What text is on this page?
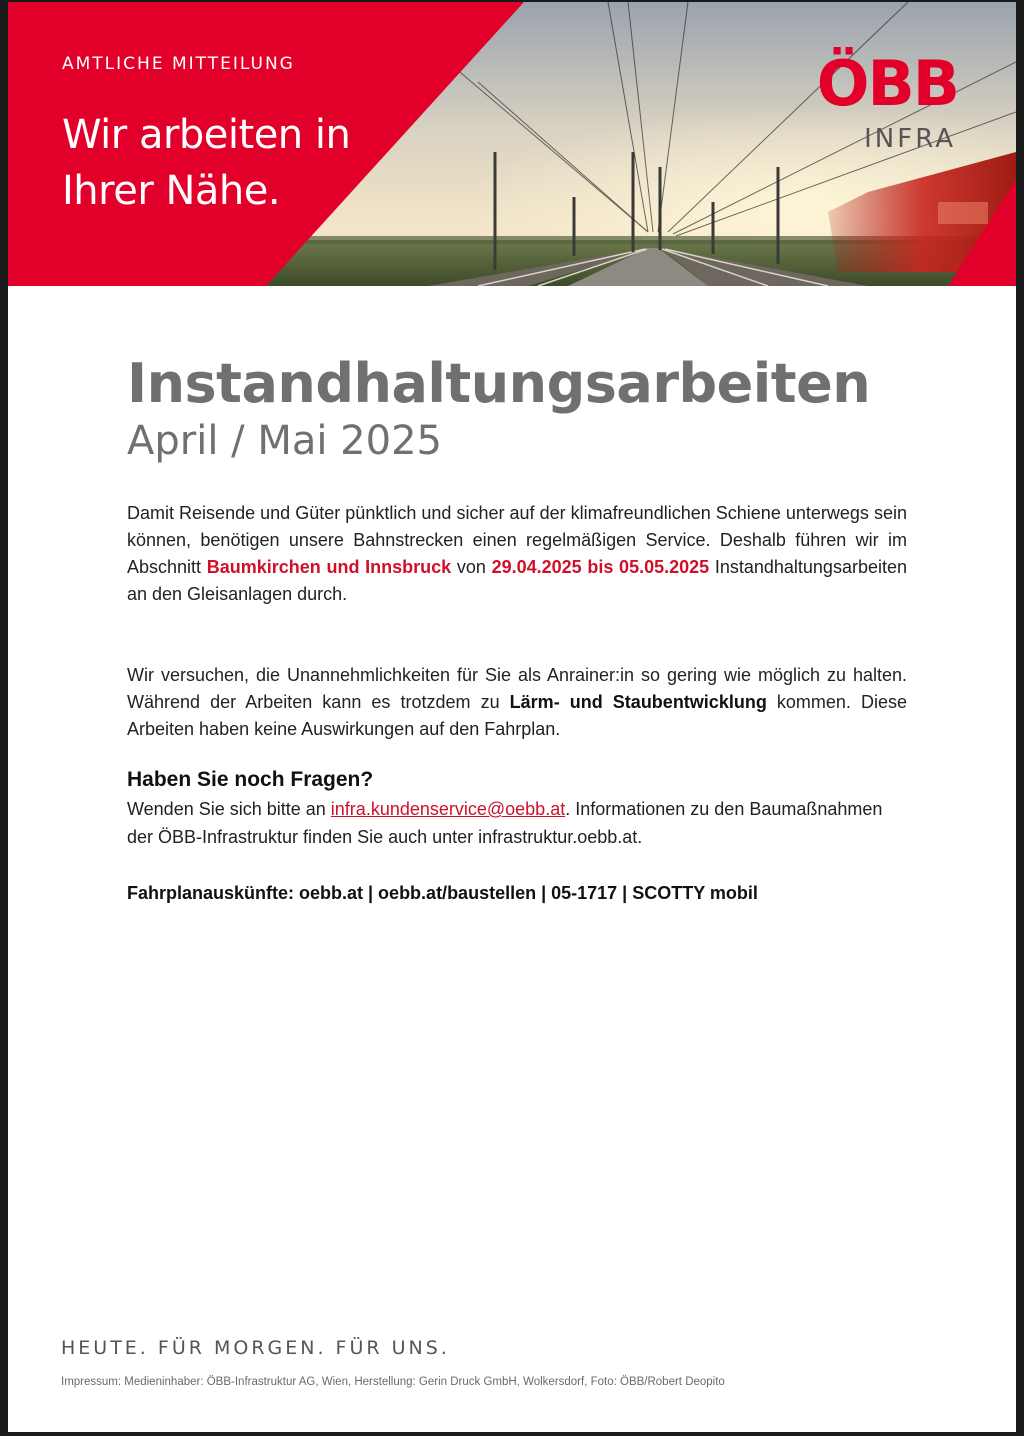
AMTLICHE MITTEILUNG
Wir arbeiten in
Ihrer Nähe.
ÖBB
INFRA
Instandhaltungsarbeiten
April / Mai 2025

Damit Reisende und Güter pünktlich und sicher auf der klimafreundlichen Schiene unterwegs sein können, benötigen unsere Bahnstrecken einen regelmäßigen Service. Deshalb führen wir im Abschnitt Baumkirchen und Innsbruck von 29.04.2025 bis 05.05.2025 Instandhaltungsarbeiten an den Gleisanlagen durch.

Wir versuchen, die Unannehmlichkeiten für Sie als Anrainer:in so gering wie möglich zu halten. Während der Arbeiten kann es trotzdem zu Lärm- und Staubentwicklung kommen. Diese Arbeiten haben keine Auswirkungen auf den Fahrplan.

Haben Sie noch Fragen?

Wenden Sie sich bitte an infra.kundenservice@oebb.at. Informationen zu den Baumaßnahmen der ÖBB-Infrastruktur finden Sie auch unter infrastruktur.oebb.at.

Fahrplanauskünfte: oebb.at | oebb.at/baustellen | 05-1717 | SCOTTY mobil

HEUTE. FÜR MORGEN. FÜR UNS.
Impressum: Medieninhaber: ÖBB-Infrastruktur AG, Wien, Herstellung: Gerin Druck GmbH, Wolkersdorf, Foto: ÖBB/Robert Deopito
